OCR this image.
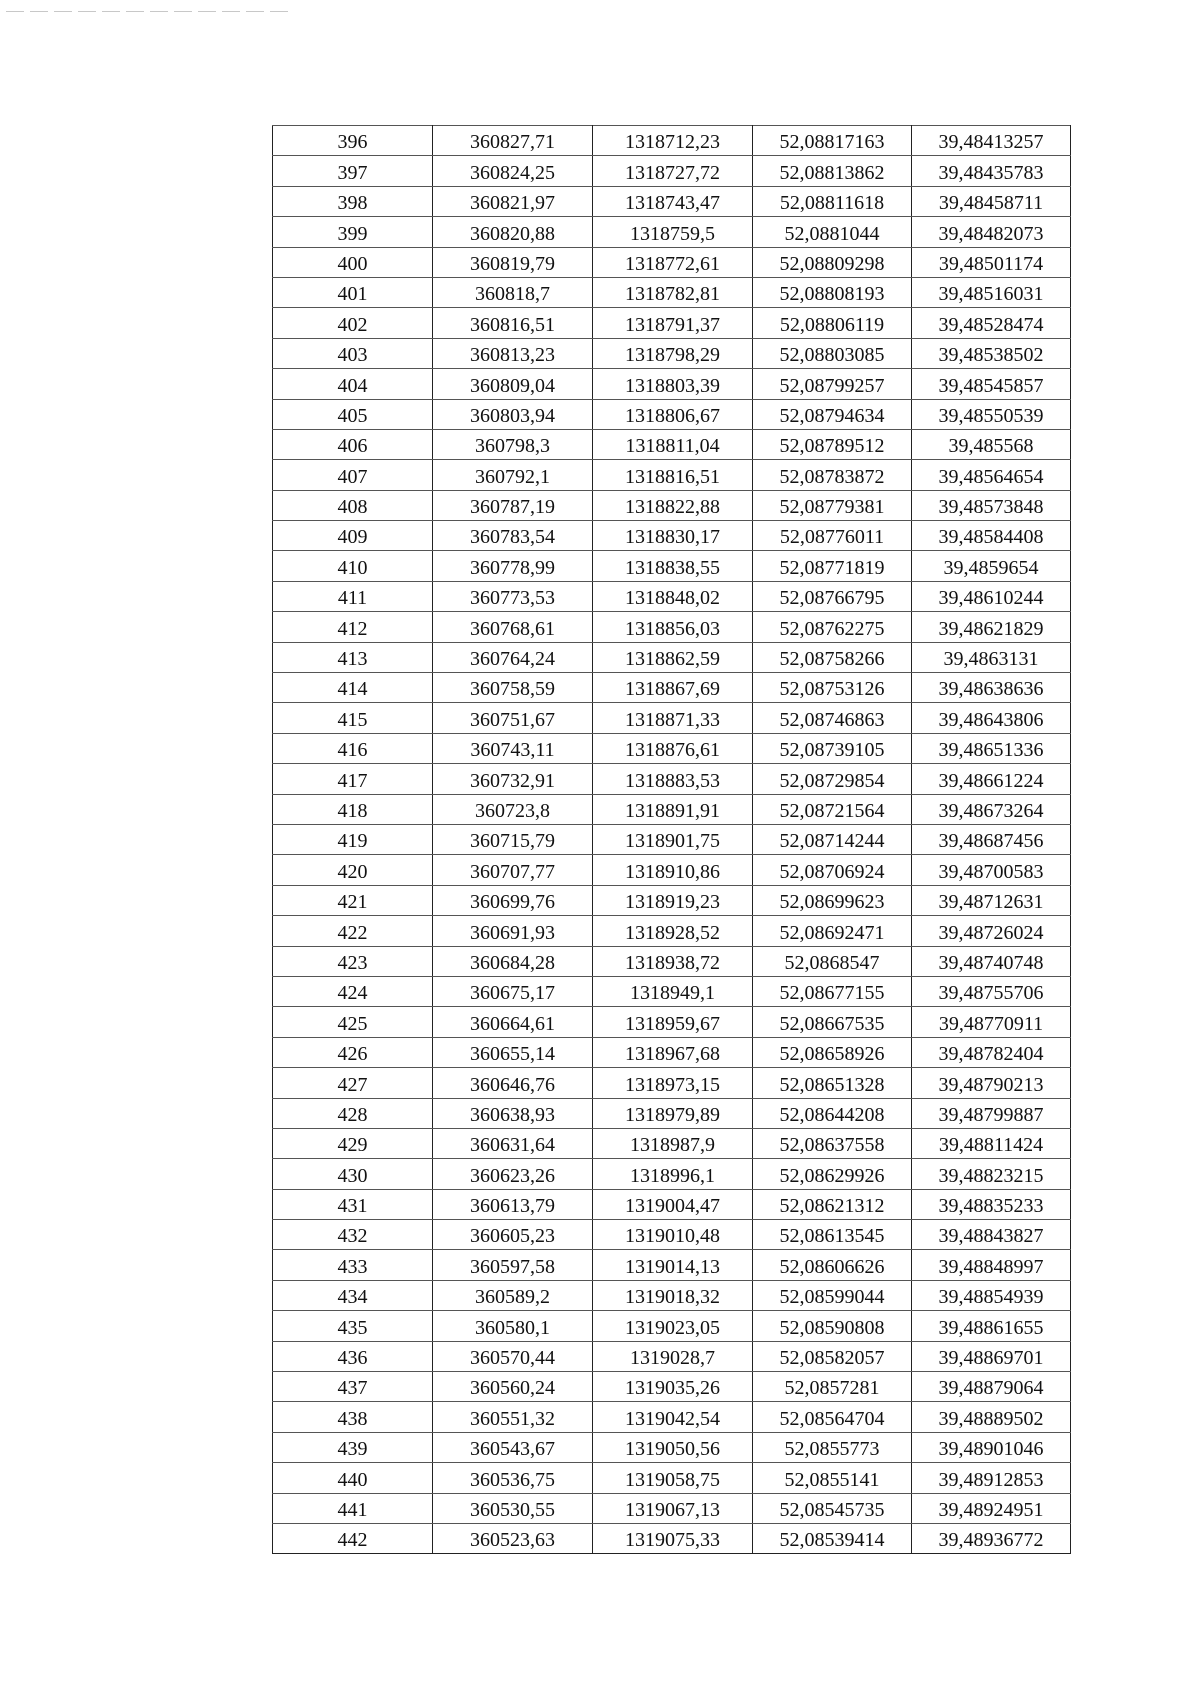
396	360827,71	1318712,23	52,08817163	39,48413257
397	360824,25	1318727,72	52,08813862	39,48435783
398	360821,97	1318743,47	52,08811618	39,48458711
399	360820,88	1318759,5	52,0881044	39,48482073
400	360819,79	1318772,61	52,08809298	39,48501174
401	360818,7	1318782,81	52,08808193	39,48516031
402	360816,51	1318791,37	52,08806119	39,48528474
403	360813,23	1318798,29	52,08803085	39,48538502
404	360809,04	1318803,39	52,08799257	39,48545857
405	360803,94	1318806,67	52,08794634	39,48550539
406	360798,3	1318811,04	52,08789512	39,485568
407	360792,1	1318816,51	52,08783872	39,48564654
408	360787,19	1318822,88	52,08779381	39,48573848
409	360783,54	1318830,17	52,08776011	39,48584408
410	360778,99	1318838,55	52,08771819	39,4859654
411	360773,53	1318848,02	52,08766795	39,48610244
412	360768,61	1318856,03	52,08762275	39,48621829
413	360764,24	1318862,59	52,08758266	39,4863131
414	360758,59	1318867,69	52,08753126	39,48638636
415	360751,67	1318871,33	52,08746863	39,48643806
416	360743,11	1318876,61	52,08739105	39,48651336
417	360732,91	1318883,53	52,08729854	39,48661224
418	360723,8	1318891,91	52,08721564	39,48673264
419	360715,79	1318901,75	52,08714244	39,48687456
420	360707,77	1318910,86	52,08706924	39,48700583
421	360699,76	1318919,23	52,08699623	39,48712631
422	360691,93	1318928,52	52,08692471	39,48726024
423	360684,28	1318938,72	52,0868547	39,48740748
424	360675,17	1318949,1	52,08677155	39,48755706
425	360664,61	1318959,67	52,08667535	39,48770911
426	360655,14	1318967,68	52,08658926	39,48782404
427	360646,76	1318973,15	52,08651328	39,48790213
428	360638,93	1318979,89	52,08644208	39,48799887
429	360631,64	1318987,9	52,08637558	39,48811424
430	360623,26	1318996,1	52,08629926	39,48823215
431	360613,79	1319004,47	52,08621312	39,48835233
432	360605,23	1319010,48	52,08613545	39,48843827
433	360597,58	1319014,13	52,08606626	39,48848997
434	360589,2	1319018,32	52,08599044	39,48854939
435	360580,1	1319023,05	52,08590808	39,48861655
436	360570,44	1319028,7	52,08582057	39,48869701
437	360560,24	1319035,26	52,0857281	39,48879064
438	360551,32	1319042,54	52,08564704	39,48889502
439	360543,67	1319050,56	52,0855773	39,48901046
440	360536,75	1319058,75	52,0855141	39,48912853
441	360530,55	1319067,13	52,08545735	39,48924951
442	360523,63	1319075,33	52,08539414	39,48936772
